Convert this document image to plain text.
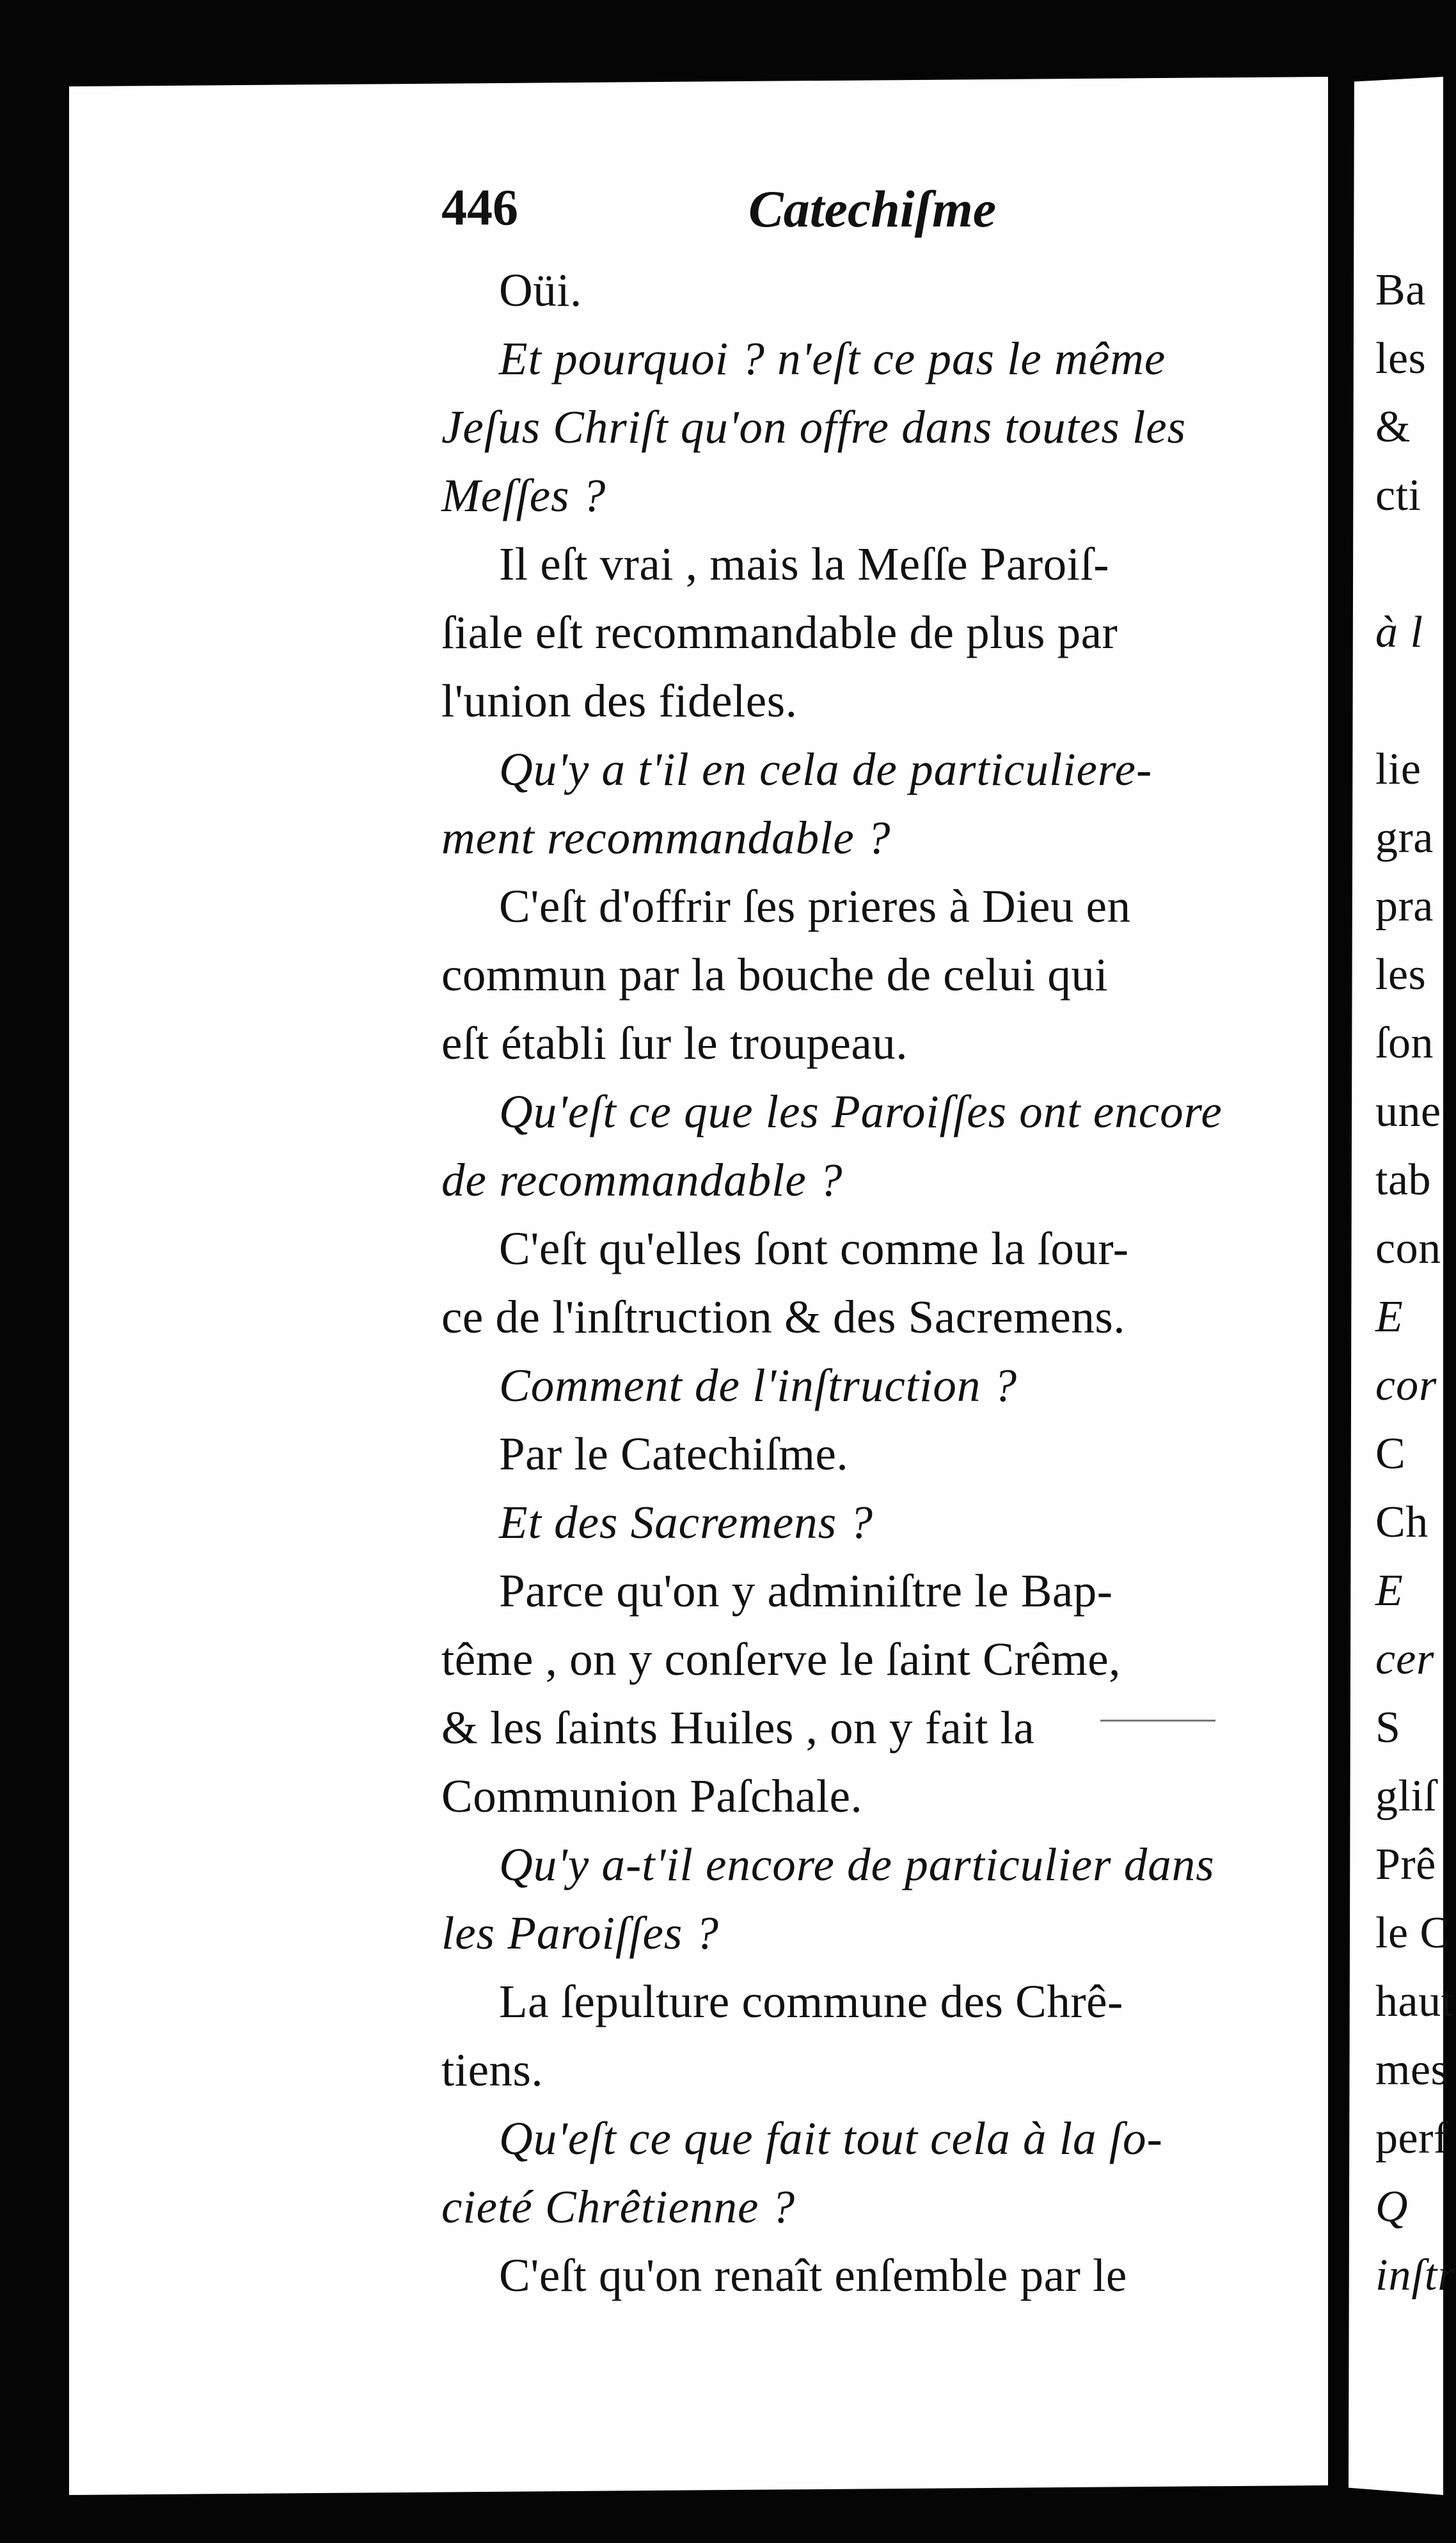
446	Catechiſme
Oüi.
Et pourquoi ? n'eſt ce pas le même
Jeſus Chriſt qu'on offre dans toutes les
Meſſes ?
Il eſt vrai , mais la Meſſe Paroiſ-
ſiale eſt recommandable de plus par
l'union des fideles.
Qu'y a t'il en cela de particuliere-
ment recommandable ?
C'eſt d'offrir ſes prieres à Dieu en
commun par la bouche de celui qui
eſt établi ſur le troupeau.
Qu'eſt ce que les Paroiſſes ont encore
de recommandable ?
C'eſt qu'elles ſont comme la ſour-
ce de l'inſtruction & des Sacremens.
Comment de l'inſtruction ?
Par le Catechiſme.
Et des Sacremens ?
Parce qu'on y adminiſtre le Bap-
tême , on y conſerve le ſaint Crême,
& les ſaints Huiles , on y fait la
Communion Paſchale.
Qu'y a-t'il encore de particulier dans
les Paroiſſes ?
La ſepulture commune des Chrê-
tiens.
Qu'eſt ce que fait tout cela à la ſo-
cieté Chrêtienne ?
C'eſt qu'on renaît enſemble par le
Ba
les
&
cti
à l
lie
gra
pra
les
ſon
une
tab
con
E
cor
C
Ch
E
cer
S
gliſ
Prê
le C
haut
mes
perf
Q
inſtr
